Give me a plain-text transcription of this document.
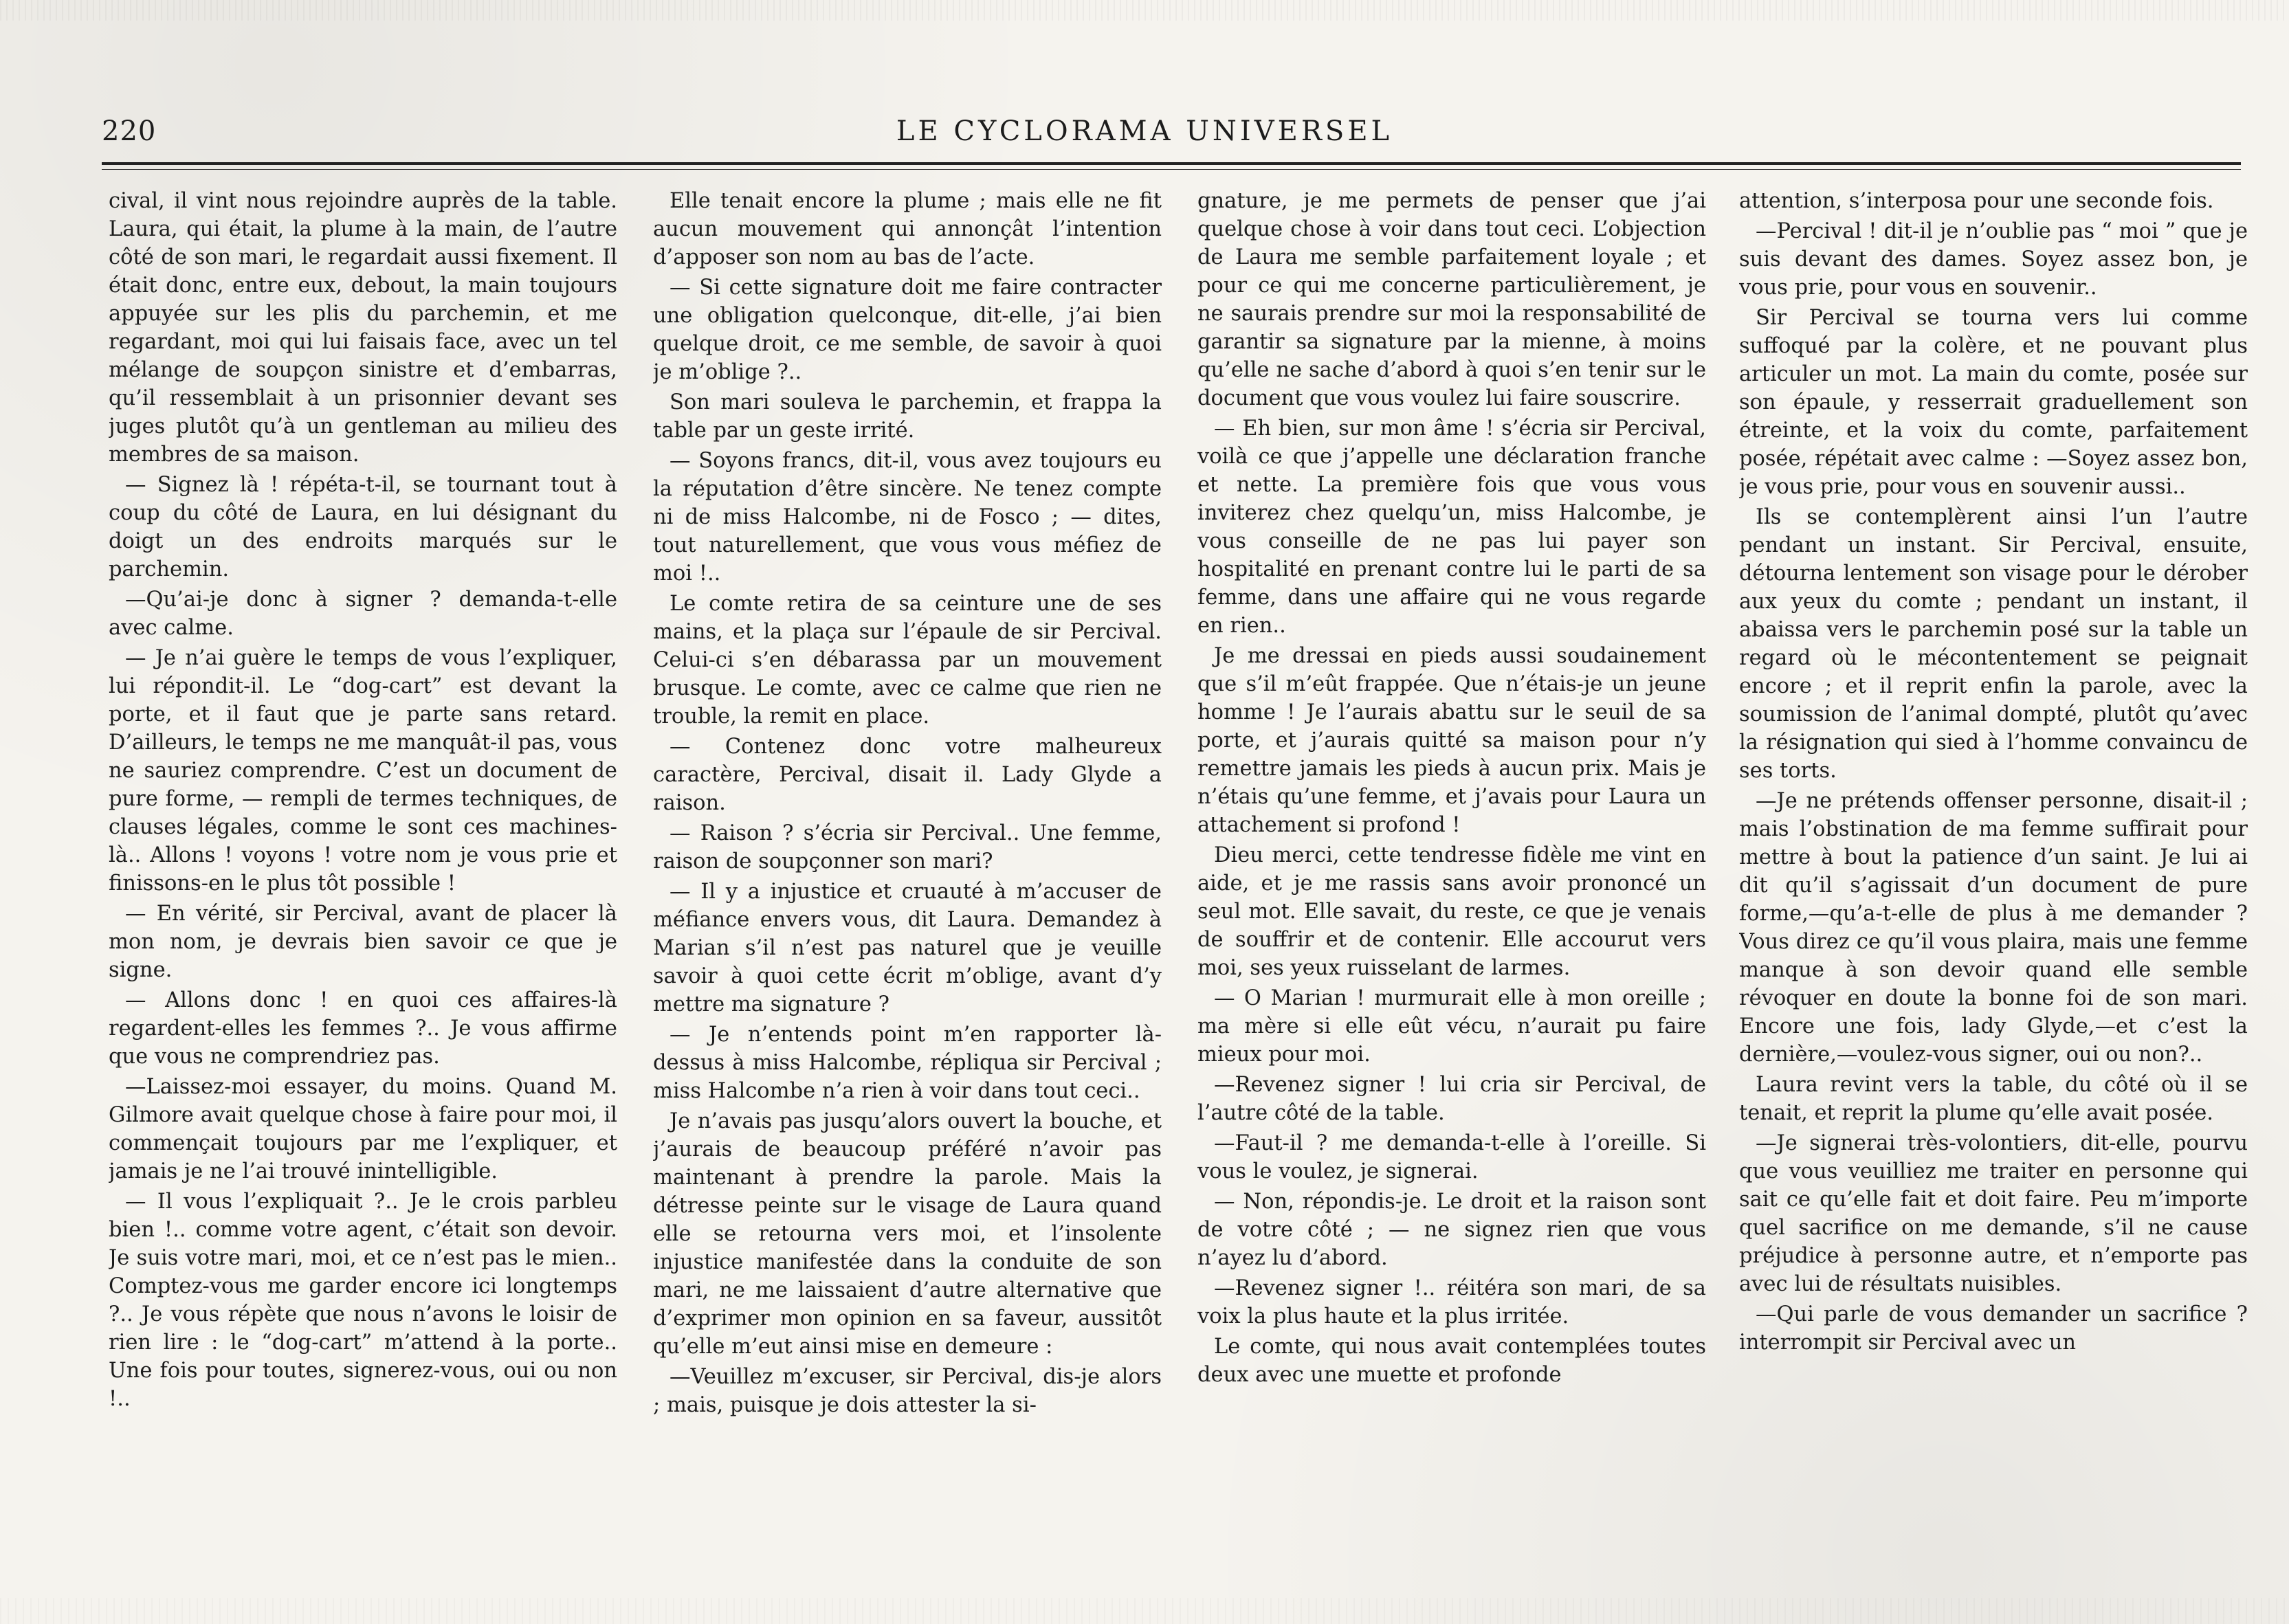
220	LE CYCLORAMA UNIVERSEL

cival, il vint nous rejoindre auprès de la table. Laura, qui était, la plume à la main, de l’autre côté de son mari, le regardait aussi fixement. Il était donc, entre eux, debout, la main toujours appuyée sur les plis du parchemin, et me regardant, moi qui lui faisais face, avec un tel mélange de soupçon sinistre et d’embarras, qu’il ressemblait à un prisonnier devant ses juges plutôt qu’à un gentleman au milieu des membres de sa maison.

— Signez là ! répéta-t-il, se tournant tout à coup du côté de Laura, en lui désignant du doigt un des endroits marqués sur le parchemin.

—Qu’ai-je donc à signer ? demanda-t-elle avec calme.

— Je n’ai guère le temps de vous l’expliquer, lui répondit-il. Le “dog-cart” est devant la porte, et il faut que je parte sans retard. D’ailleurs, le temps ne me manquât-il pas, vous ne sauriez comprendre. C’est un document de pure forme, — rempli de termes techniques, de clauses légales, comme le sont ces machines-là.. Allons ! voyons ! votre nom je vous prie et finissons-en le plus tôt possible !

— En vérité, sir Percival, avant de placer là mon nom, je devrais bien savoir ce que je signe.

— Allons donc ! en quoi ces affaires-là regardent-elles les femmes ?.. Je vous affirme que vous ne comprendriez pas.

—Laissez-moi essayer, du moins. Quand M. Gilmore avait quelque chose à faire pour moi, il commençait toujours par me l’expliquer, et jamais je ne l’ai trouvé inintelligible.

— Il vous l’expliquait ?.. Je le crois parbleu bien !.. comme votre agent, c’était son devoir. Je suis votre mari, moi, et ce n’est pas le mien.. Comptez-vous me garder encore ici longtemps ?.. Je vous répète que nous n’avons le loisir de rien lire : le “dog-cart” m’attend à la porte.. Une fois pour toutes, signerez-vous, oui ou non !..

Elle tenait encore la plume ; mais elle ne fit aucun mouvement qui annonçât l’intention d’apposer son nom au bas de l’acte.

— Si cette signature doit me faire contracter une obligation quelconque, dit-elle, j’ai bien quelque droit, ce me semble, de savoir à quoi je m’oblige ?..

Son mari souleva le parchemin, et frappa la table par un geste irrité.

— Soyons francs, dit-il, vous avez toujours eu la réputation d’être sincère. Ne tenez compte ni de miss Halcombe, ni de Fosco ; — dites, tout naturellement, que vous vous méfiez de moi !..

Le comte retira de sa ceinture une de ses mains, et la plaça sur l’épaule de sir Percival. Celui-ci s’en débarassa par un mouvement brusque. Le comte, avec ce calme que rien ne trouble, la remit en place.

— Contenez donc votre malheureux caractère, Percival, disait il. Lady Glyde a raison.

— Raison ? s’écria sir Percival.. Une femme, raison de soupçonner son mari?

— Il y a injustice et cruauté à m’accuser de méfiance envers vous, dit Laura. Demandez à Marian s’il n’est pas naturel que je veuille savoir à quoi cette écrit m’oblige, avant d’y mettre ma signature ?

— Je n’entends point m’en rapporter là-dessus à miss Halcombe, répliqua sir Percival ; miss Halcombe n’a rien à voir dans tout ceci..

Je n’avais pas jusqu’alors ouvert la bouche, et j’aurais de beaucoup préféré n’avoir pas maintenant à prendre la parole. Mais la détresse peinte sur le visage de Laura quand elle se retourna vers moi, et l’insolente injustice manifestée dans la conduite de son mari, ne me laissaient d’autre alternative que d’exprimer mon opinion en sa faveur, aussitôt qu’elle m’eut ainsi mise en demeure :

—Veuillez m’excuser, sir Percival, dis-je alors ; mais, puisque je dois attester la si-

gnature, je me permets de penser que j’ai quelque chose à voir dans tout ceci. L’objection de Laura me semble parfaitement loyale ; et pour ce qui me concerne particulièrement, je ne saurais prendre sur moi la responsabilité de garantir sa signature par la mienne, à moins qu’elle ne sache d’abord à quoi s’en tenir sur le document que vous voulez lui faire souscrire.

— Eh bien, sur mon âme ! s’écria sir Percival, voilà ce que j’appelle une déclaration franche et nette. La première fois que vous vous inviterez chez quelqu’un, miss Halcombe, je vous conseille de ne pas lui payer son hospitalité en prenant contre lui le parti de sa femme, dans une affaire qui ne vous regarde en rien..

Je me dressai en pieds aussi soudainement que s’il m’eût frappée. Que n’étais-je un jeune homme ! Je l’aurais abattu sur le seuil de sa porte, et j’aurais quitté sa maison pour n’y remettre jamais les pieds à aucun prix. Mais je n’étais qu’une femme, et j’avais pour Laura un attachement si profond !

Dieu merci, cette tendresse fidèle me vint en aide, et je me rassis sans avoir prononcé un seul mot. Elle savait, du reste, ce que je venais de souffrir et de contenir. Elle accourut vers moi, ses yeux ruisselant de larmes.

— O Marian ! murmurait elle à mon oreille ; ma mère si elle eût vécu, n’aurait pu faire mieux pour moi.

—Revenez signer ! lui cria sir Percival, de l’autre côté de la table.

—Faut-il ? me demanda-t-elle à l’oreille. Si vous le voulez, je signerai.

— Non, répondis-je. Le droit et la raison sont de votre côté ; — ne signez rien que vous n’ayez lu d’abord.

—Revenez signer !.. réitéra son mari, de sa voix la plus haute et la plus irritée.

Le comte, qui nous avait contemplées toutes deux avec une muette et profonde

attention, s’interposa pour une seconde fois.

—Percival ! dit-il je n’oublie pas “ moi ” que je suis devant des dames. Soyez assez bon, je vous prie, pour vous en souvenir..

Sir Percival se tourna vers lui comme suffoqué par la colère, et ne pouvant plus articuler un mot. La main du comte, posée sur son épaule, y resserrait graduellement son étreinte, et la voix du comte, parfaitement posée, répétait avec calme : —Soyez assez bon, je vous prie, pour vous en souvenir aussi..

Ils se contemplèrent ainsi l’un l’autre pendant un instant. Sir Percival, ensuite, détourna lentement son visage pour le dérober aux yeux du comte ; pendant un instant, il abaissa vers le parchemin posé sur la table un regard où le mécontentement se peignait encore ; et il reprit enfin la parole, avec la soumission de l’animal dompté, plutôt qu’avec la résignation qui sied à l’homme convaincu de ses torts.

—Je ne prétends offenser personne, disait-il ; mais l’obstination de ma femme suffirait pour mettre à bout la patience d’un saint. Je lui ai dit qu’il s’agissait d’un document de pure forme,—qu’a-t-elle de plus à me demander ? Vous direz ce qu’il vous plaira, mais une femme manque à son devoir quand elle semble révoquer en doute la bonne foi de son mari. Encore une fois, lady Glyde,—et c’est la dernière,—voulez-vous signer, oui ou non?..

Laura revint vers la table, du côté où il se tenait, et reprit la plume qu’elle avait posée.

—Je signerai très-volontiers, dit-elle, pourvu que vous veuilliez me traiter en personne qui sait ce qu’elle fait et doit faire. Peu m’importe quel sacrifice on me demande, s’il ne cause préjudice à personne autre, et n’emporte pas avec lui de résultats nuisibles.

—Qui parle de vous demander un sacrifice ? interrompit sir Percival avec un
